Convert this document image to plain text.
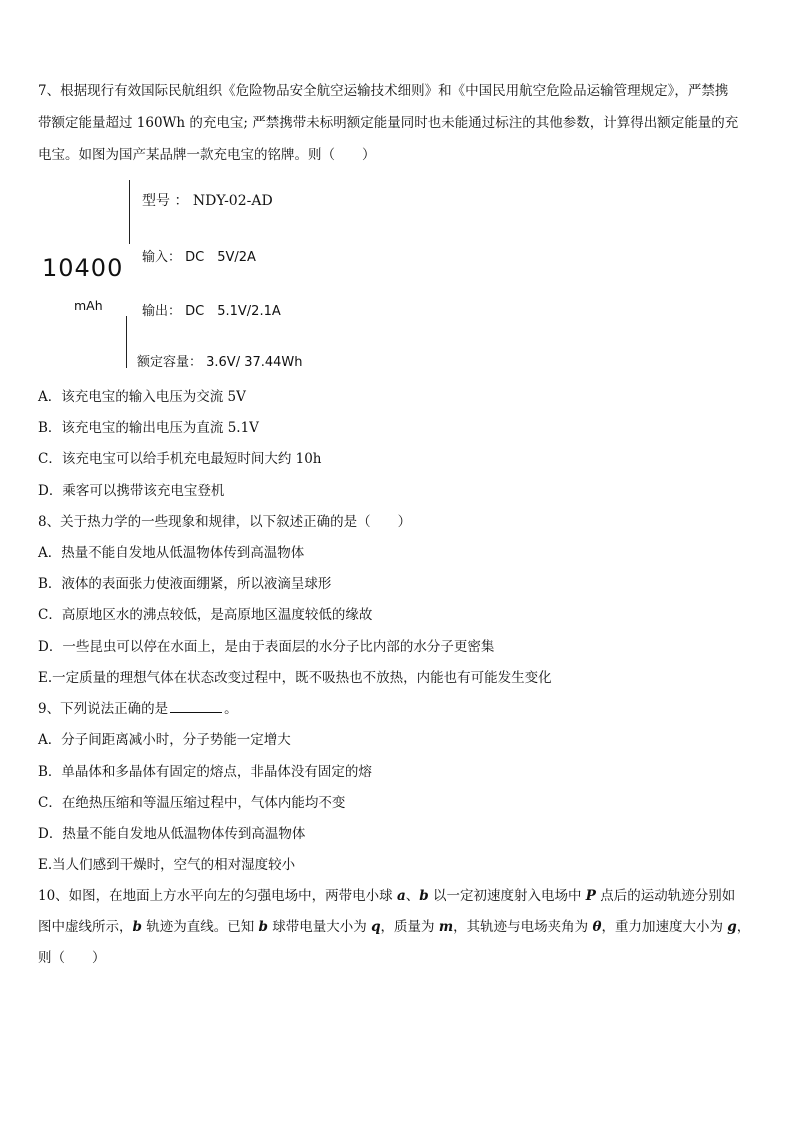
7、根据现行有效国际民航组织《危险物品安全航空运输技术细则》和《中国民用航空危险品运输管理规定》，严禁携
带额定能量超过 160Wh 的充电宝; 严禁携带未标明额定能量同时也未能通过标注的其他参数，计算得出额定能量的充
电宝。如图为国产某品牌一款充电宝的铭牌。则（　　）
10400
mAh
型号 ： NDY-02-AD
输入： DC　5V/2A
输出： DC　5.1V/2.1A
额定容量： 3.6V/ 37.44Wh
A．该充电宝的输入电压为交流 5V
B．该充电宝的输出电压为直流 5.1V
C．该充电宝可以给手机充电最短时间大约 10h
D．乘客可以携带该充电宝登机
8、关于热力学的一些现象和规律，以下叙述正确的是（　　）
A．热量不能自发地从低温物体传到高温物体
B．液体的表面张力使液面绷紧，所以液滴呈球形
C．高原地区水的沸点较低，是高原地区温度较低的缘故
D．一些昆虫可以停在水面上，是由于表面层的水分子比内部的水分子更密集
E.一定质量的理想气体在状态改变过程中，既不吸热也不放热，内能也有可能发生变化
9、下列说法正确的是	。
A．分子间距离减小时，分子势能一定增大
B．单晶体和多晶体有固定的熔点，非晶体没有固定的熔
C．在绝热压缩和等温压缩过程中，气体内能均不变
D．热量不能自发地从低温物体传到高温物体
E.当人们感到干燥时，空气的相对湿度较小
10、如图，在地面上方水平向左的匀强电场中，两带电小球 a、b 以一定初速度射入电场中 P 点后的运动轨迹分别如
图中虚线所示，b 轨迹为直线。已知 b 球带电量大小为 q，质量为 m，其轨迹与电场夹角为 θ，重力加速度大小为 g，
则（　　）
